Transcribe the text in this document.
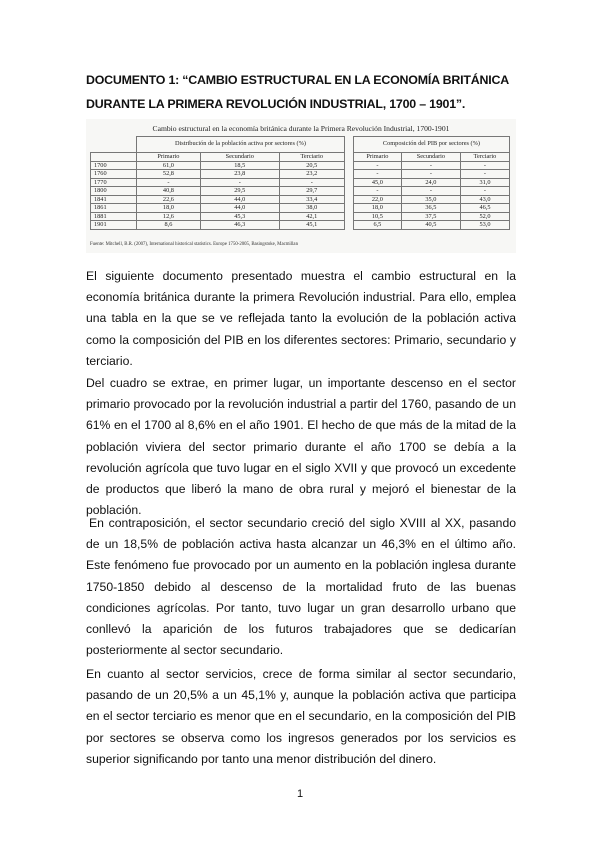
DOCUMENTO 1: “CAMBIO ESTRUCTURAL EN LA ECONOMÍA BRITÁNICA DURANTE LA PRIMERA REVOLUCIÓN INDUSTRIAL, 1700 – 1901”.
Cambio estructural en la economía británica durante la Primera Revolución Industrial, 1700-1901
	Distribución de la población activa por sectores (%)				Composición del PIB por sectores (%)		
	Primario	Secundario	Terciario		Primario	Secundario	Terciario
1700	61,0	18,5	20,5		-	-	-
1760	52,8	23,8	23,2		-	-	-
1770	-	-	-		45,0	24,0	31,0
1800	40,8	29,5	29,7		-	-	-
1841	22,6	44,0	33,4		22,0	35,0	43,0
1861	18,0	44,0	38,0		18,0	36,5	46,5
1881	12,6	45,3	42,1		10,5	37,5	52,0
1901	8,6	46,3	45,1		6,5	40,5	53,0
Fuente: Mitchell, B.R. (2007), International historical statistics. Europe 1750-2005, Basingstoke, Macmillan

El siguiente documento presentado muestra el cambio estructural en la economía británica durante la primera Revolución industrial. Para ello, emplea una tabla en la que se ve reflejada tanto la evolución de la población activa como la composición del PIB en los diferentes sectores: Primario, secundario y terciario.

Del cuadro se extrae, en primer lugar, un importante descenso en el sector primario provocado por la revolución industrial a partir del 1760, pasando de un 61% en el 1700 al 8,6% en el año 1901. El hecho de que más de la mitad de la población viviera del sector primario durante el año 1700 se debía a la revolución agrícola que tuvo lugar en el siglo XVII y que provocó un excedente de productos que liberó la mano de obra rural y mejoró el bienestar de la población.

En contraposición, el sector secundario creció del siglo XVIII al XX, pasando de un 18,5% de población activa hasta alcanzar un 46,3% en el último año. Este fenómeno fue provocado por un aumento en la población inglesa durante 1750-1850 debido al descenso de la mortalidad fruto de las buenas condiciones agrícolas. Por tanto, tuvo lugar un gran desarrollo urbano que conllevó la aparición de los futuros trabajadores que se dedicarían posteriormente al sector secundario.

En cuanto al sector servicios, crece de forma similar al sector secundario, pasando de un 20,5% a un 45,1% y, aunque la población activa que participa en el sector terciario es menor que en el secundario, en la composición del PIB por sectores se observa como los ingresos generados por los servicios es superior significando por tanto una menor distribución del dinero.

1
